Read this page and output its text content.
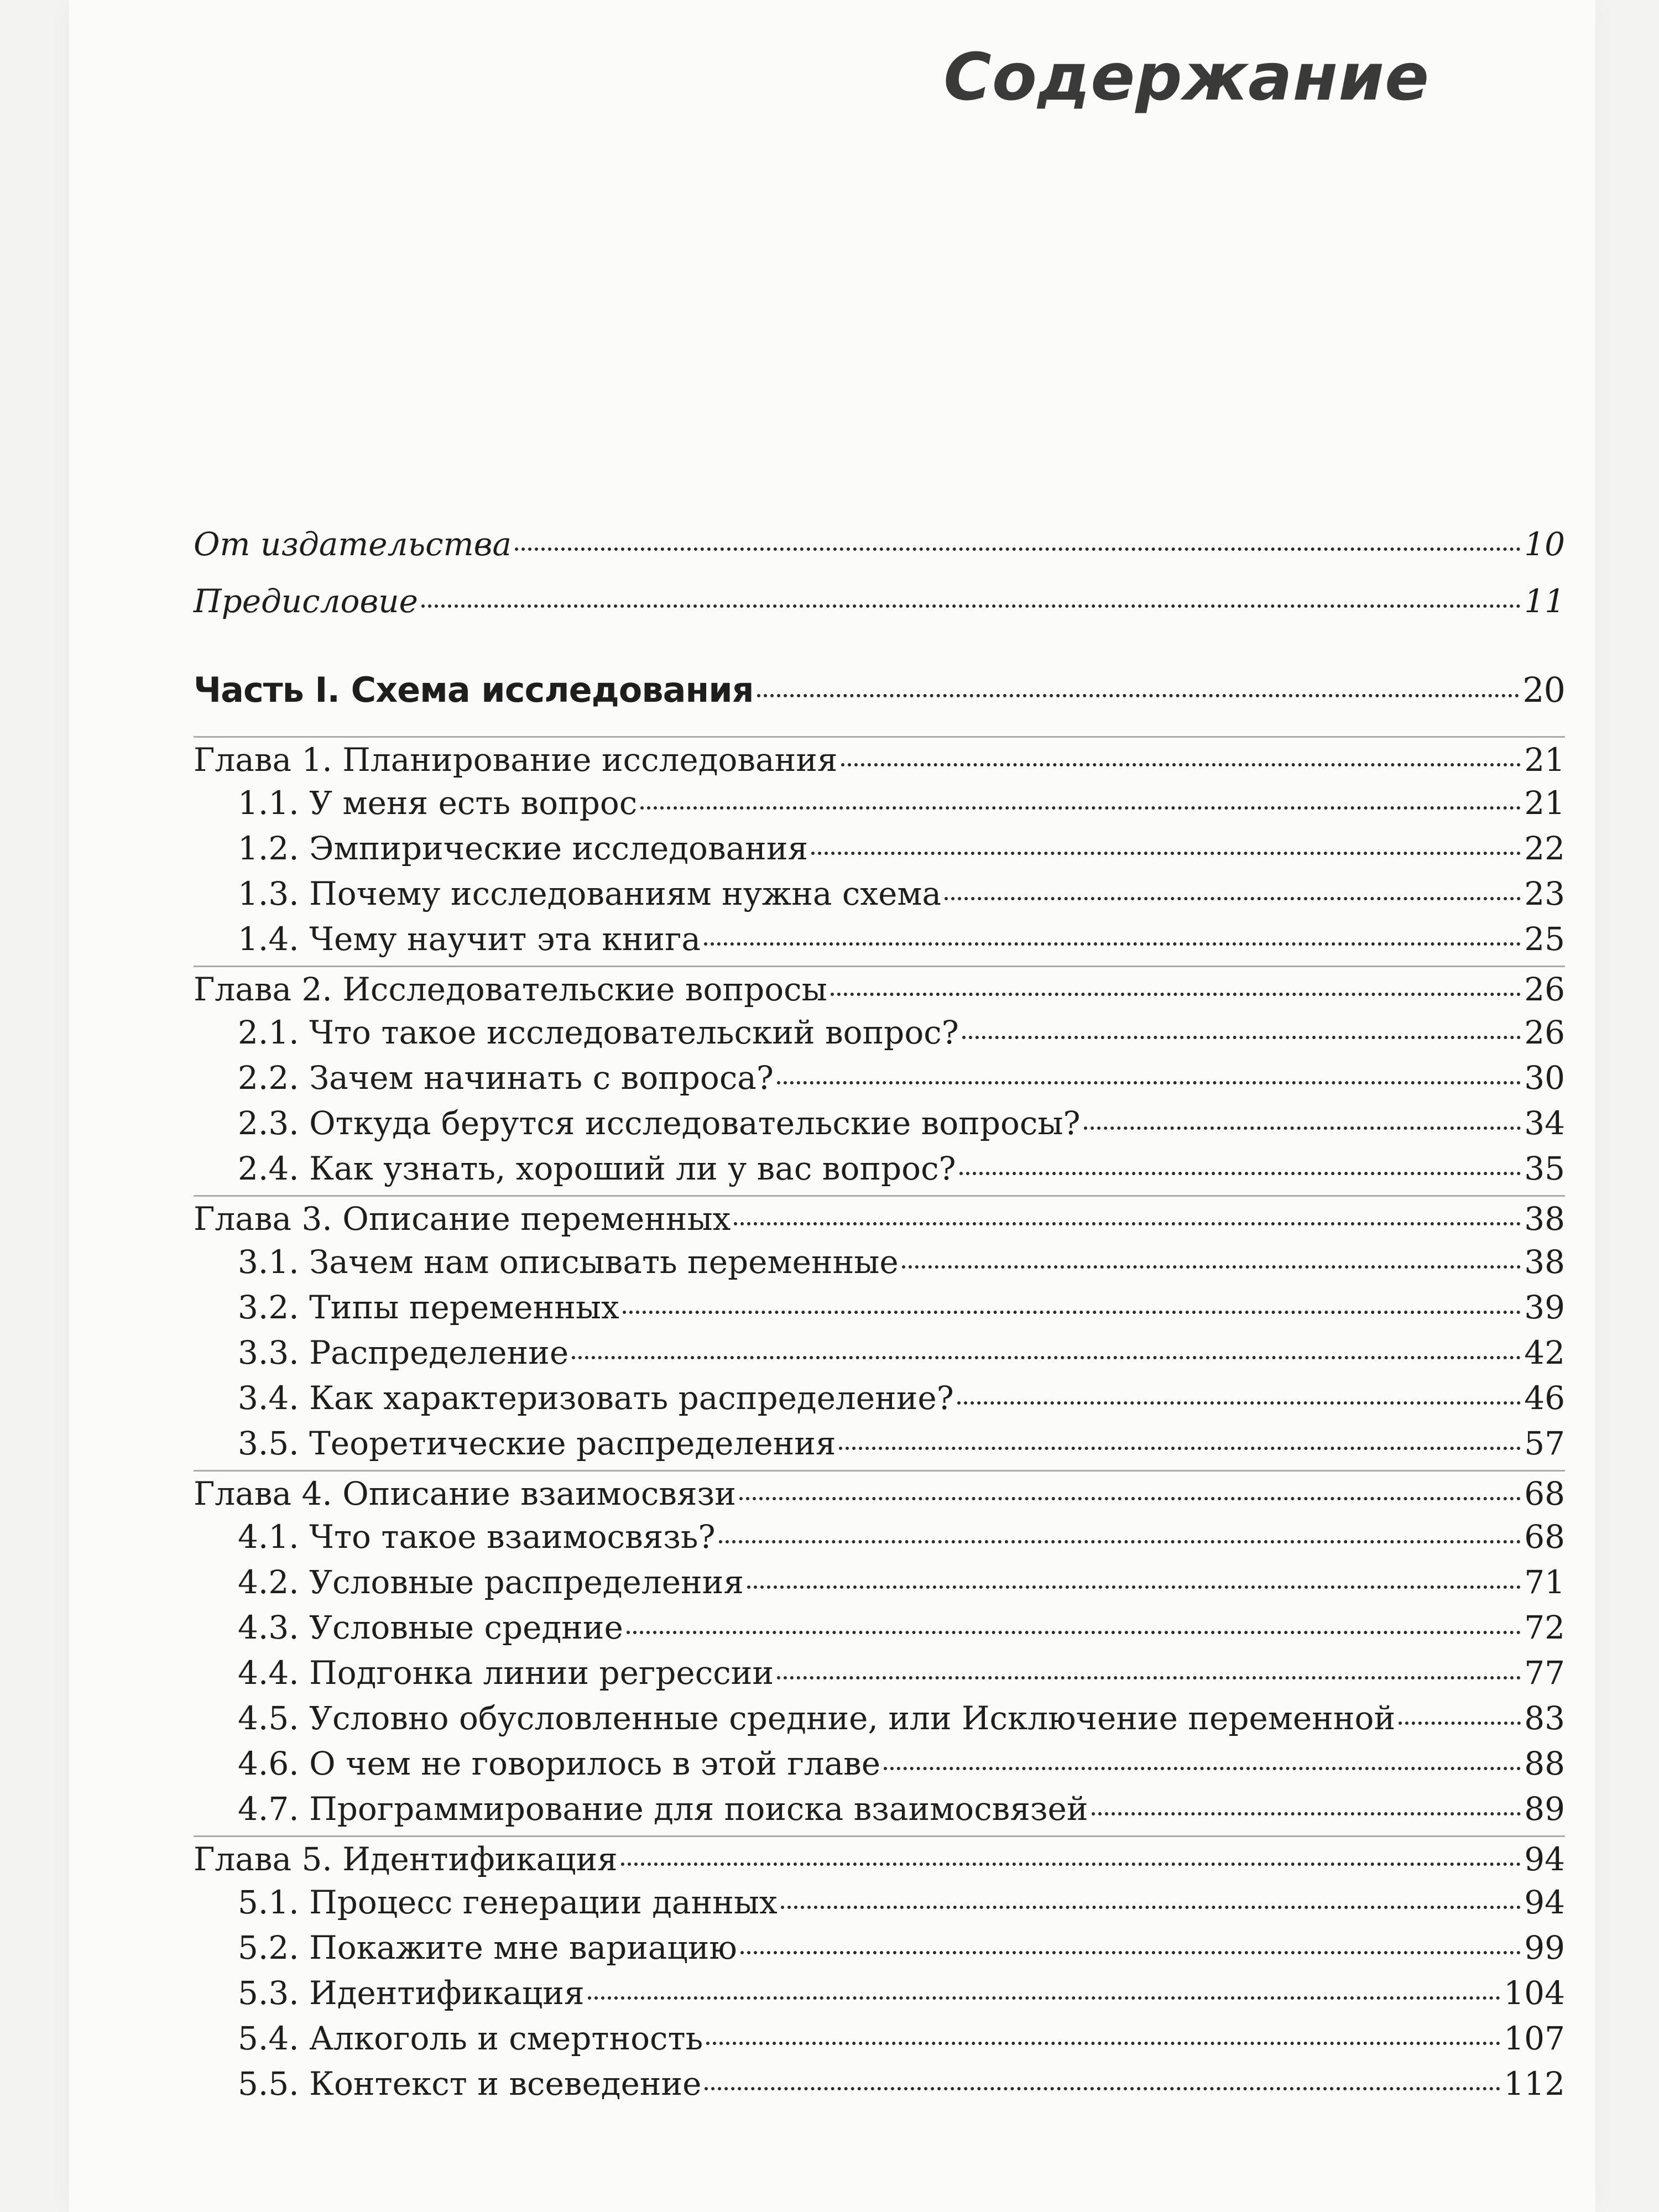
Содержание
От издательства	10
Предисловие	11
Часть I. Схема исследования	20
Глава 1. Планирование исследования	21
1.1. У меня есть вопрос	21
1.2. Эмпирические исследования	22
1.3. Почему исследованиям нужна схема	23
1.4. Чему научит эта книга	25
Глава 2. Исследовательские вопросы	26
2.1. Что такое исследовательский вопрос?	26
2.2. Зачем начинать с вопроса?	30
2.3. Откуда берутся исследовательские вопросы?	34
2.4. Как узнать, хороший ли у вас вопрос?	35
Глава 3. Описание переменных	38
3.1. Зачем нам описывать переменные	38
3.2. Типы переменных	39
3.3. Распределение	42
3.4. Как характеризовать распределение?	46
3.5. Теоретические распределения	57
Глава 4. Описание взаимосвязи	68
4.1. Что такое взаимосвязь?	68
4.2. Условные распределения	71
4.3. Условные средние	72
4.4. Подгонка линии регрессии	77
4.5. Условно обусловленные средние, или Исключение переменной	83
4.6. О чем не говорилось в этой главе	88
4.7. Программирование для поиска взаимосвязей	89
Глава 5. Идентификация	94
5.1. Процесс генерации данных	94
5.2. Покажите мне вариацию	99
5.3. Идентификация	104
5.4. Алкоголь и смертность	107
5.5. Контекст и всеведение	112
